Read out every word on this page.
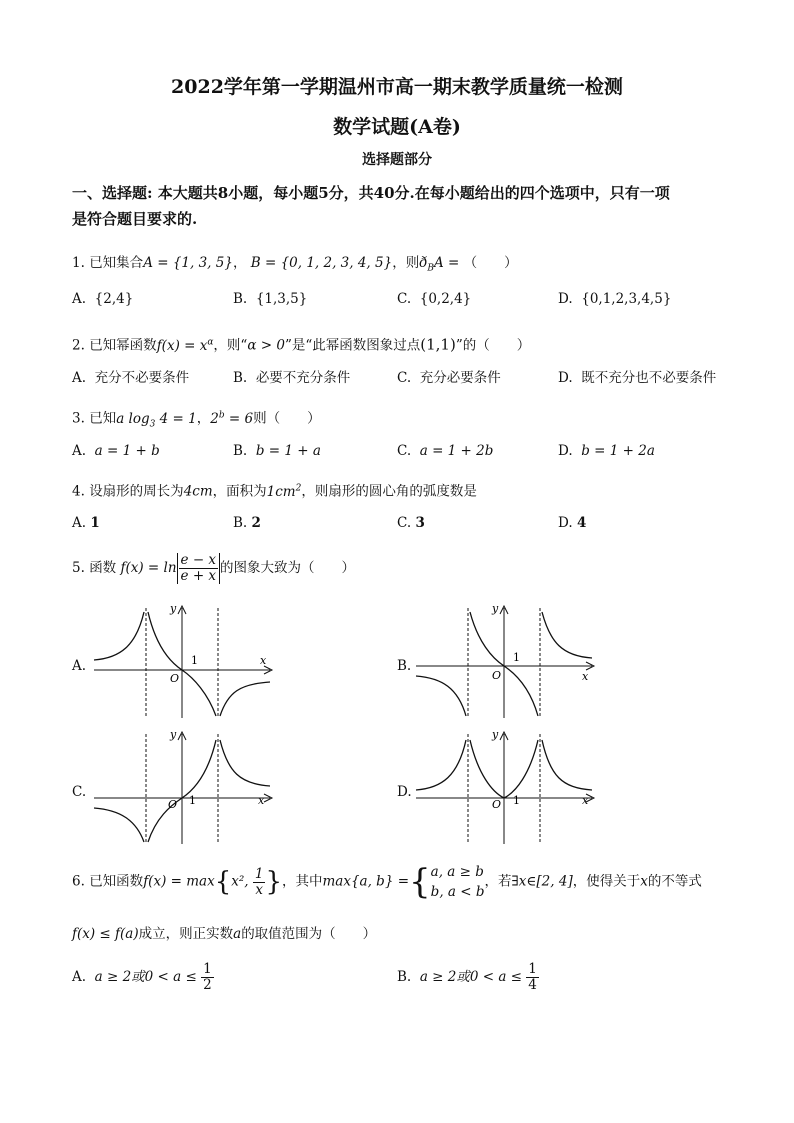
2022学年第一学期温州市高一期末教学质量统一检测
数学试题(A卷)
选择题部分
一、选择题: 本大题共8小题，每小题5分，共40分.在每小题给出的四个选项中，只有一项
是符合题目要求的.
1. 已知集合A = {1, 3, 5}， B = {0, 1, 2, 3, 4, 5}，则$ð_BA$ = （　　）
A. {2,4}	B. {1,3,5}	C. {0,2,4}	D. {0,1,2,3,4,5}
2. 已知幂函数$f(x) = x^\alpha$，则“α > 0”是“此幂函数图象过点(1,1)”的（　　）
A. 充分不必要条件	B. 必要不充分条件	C. 充分必要条件	D. 既不充分也不必要条件
3. 已知a $\log_3 4 = 1$，$2^b = 6$则（　　）
A. a = 1 + b	B. b = 1 + a	C. a = 1 + 2b	D. b = 1 + 2a
4. 设扇形的周长为4cm，面积为$1cm^2$，则扇形的圆心角的弧度数是
A. 1	B. 2	C. 3	D. 4
5. 函数 $f(x) = \ln \frac{e - x}{e + x}$ 的图象大致为（　　）
A.	B.
C.	D.
O
1	x
y
O
1
x
y
O 1	x
y
O 1	x
y
6. 已知函数f(x) = max{x², $\frac{1}{x}$ }，其中max{a, b} ={ a, a ≥ b
b, a < b
，若∃x∈[2, 4]，使得关于x的不等式
f(x) ≤ f(a)成立，则正实数a的取值范围为（　　）
A. a ≥ 2或$0 < a \le \frac{1}{2}$	B. a ≥ 2或$0 < a \le \frac{1}{4}$
